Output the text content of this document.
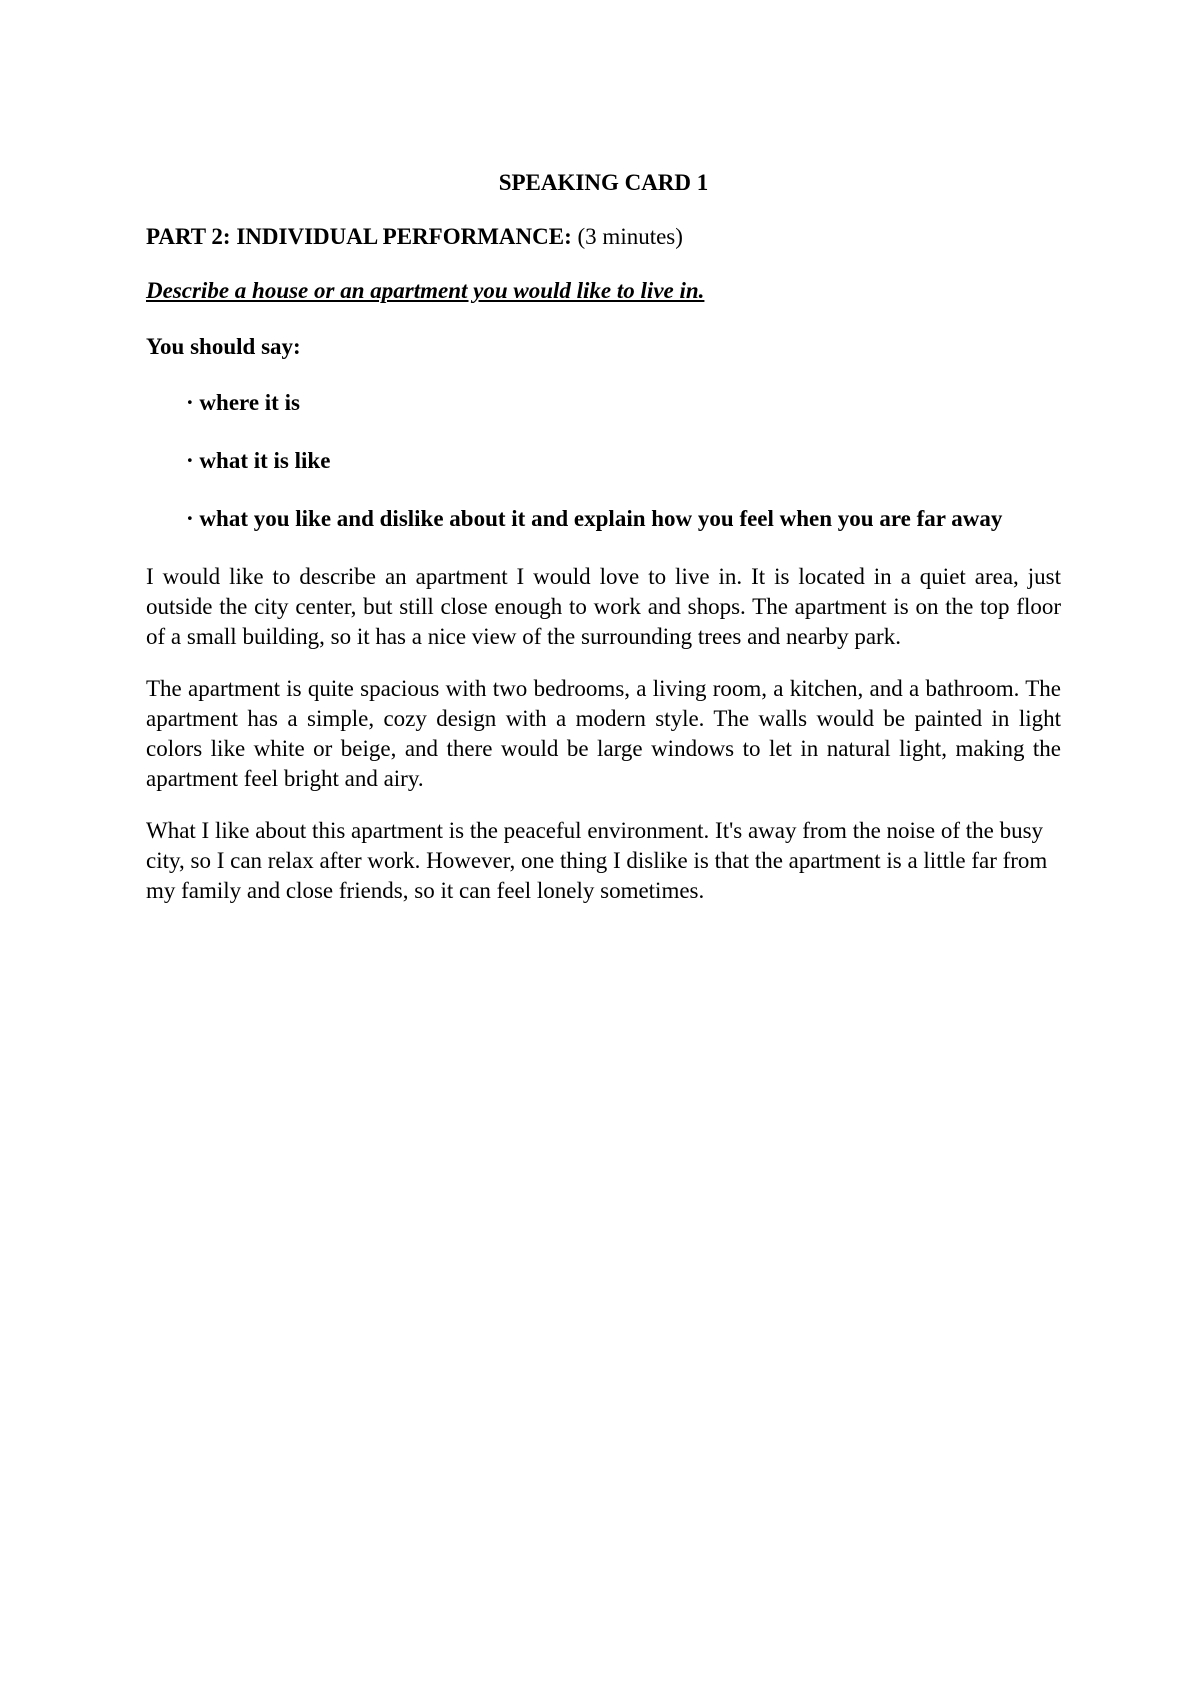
SPEAKING CARD 1
PART 2: INDIVIDUAL PERFORMANCE: (3 minutes)
Describe a house or an apartment you would like to live in.
You should say:
· where it is
· what it is like
· what you like and dislike about it and explain how you feel when you are far away

I would like to describe an apartment I would love to live in. It is located in a quiet area, just outside the city center, but still close enough to work and shops. The apartment is on the top floor of a small building, so it has a nice view of the surrounding trees and nearby park.

The apartment is quite spacious with two bedrooms, a living room, a kitchen, and a bathroom. The apartment has a simple, cozy design with a modern style. The walls would be painted in light colors like white or beige, and there would be large windows to let in natural light, making the apartment feel bright and airy.

What I like about this apartment is the peaceful environment. It's away from the noise of the busy city, so I can relax after work. However, one thing I dislike is that the apartment is a little far from my family and close friends, so it can feel lonely sometimes.
